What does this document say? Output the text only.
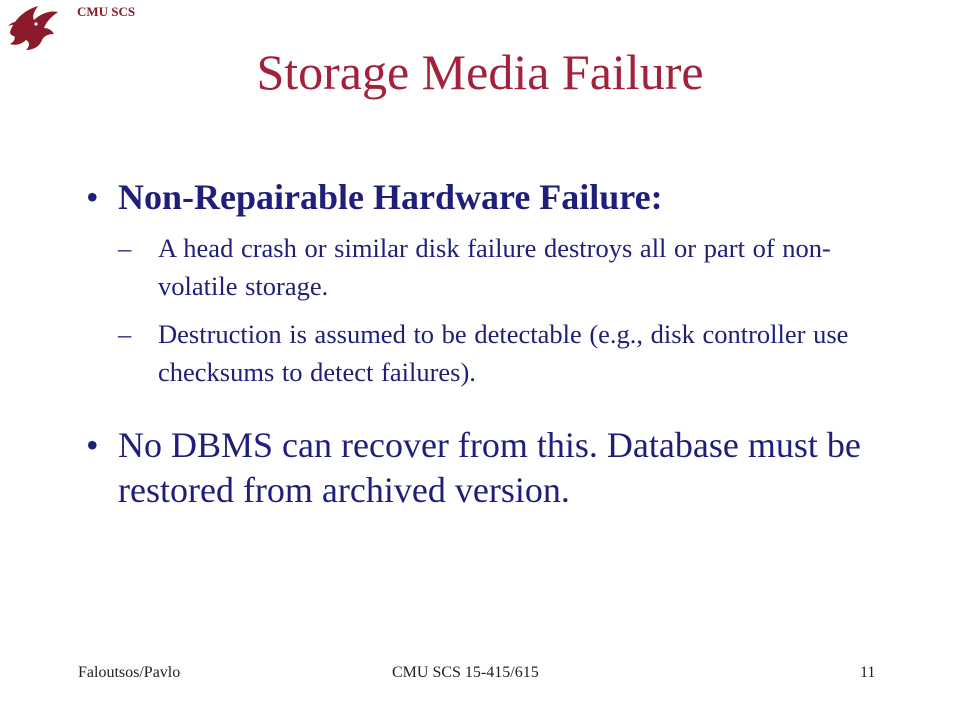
CMU SCS
Storage Media Failure
• Non-Repairable Hardware Failure:
– A head crash or similar disk failure destroys all or part of non-volatile storage.
– Destruction is assumed to be detectable (e.g., disk controller use checksums to detect failures).
• No DBMS can recover from this. Database must be restored from archived version.
Faloutsos/Pavlo	CMU SCS 15-415/615	11
